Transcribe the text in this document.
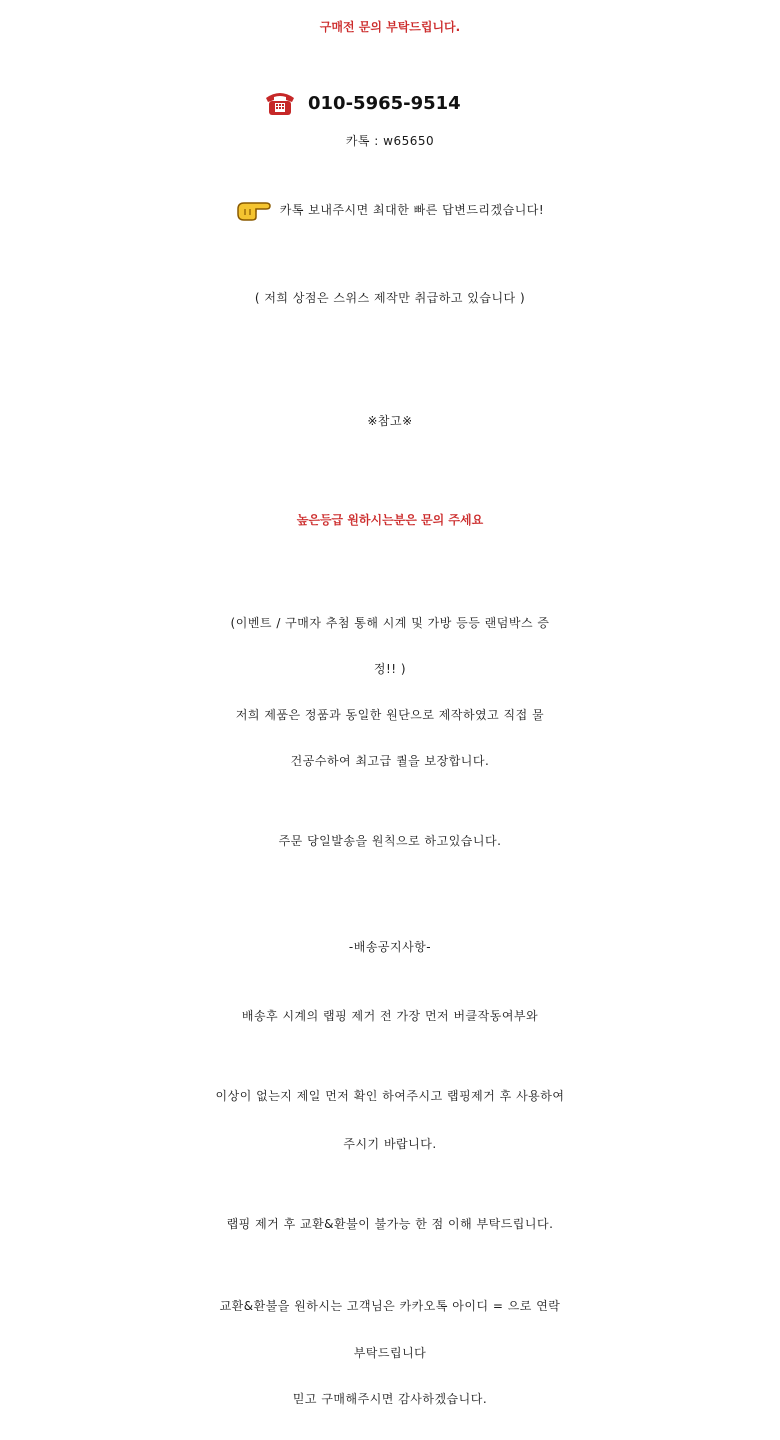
구매전 문의 부탁드립니다.
010-5965-9514
카톡 : w65650
카톡 보내주시면 최대한 빠른 답변드리겠습니다!
( 저희 상점은 스위스 제작만 취급하고 있습니다 )
※참고※
높은등급 원하시는분은 문의 주세요
(이벤트 / 구매자 추첨 통해 시계 및 가방 등등 랜덤박스 증
정!! )
저희 제품은 정품과 동일한 원단으로 제작하였고 직접 물
건공수하여 최고급 퀄을 보장합니다.
주문 당일발송을 원칙으로 하고있습니다.
-배송공지사항-
배송후 시계의 랩핑 제거 전 가장 먼저 버클작동여부와
이상이 없는지 제일 먼저 확인 하여주시고 랩핑제거 후 사용하여
주시기 바랍니다.
랩핑 제거 후 교환&환불이 불가능 한 점 이해 부탁드립니다.
교환&환불을 원하시는 고객님은 카카오톡 아이디 = 으로 연락
부탁드립니다
믿고 구매해주시면 감사하겠습니다.
